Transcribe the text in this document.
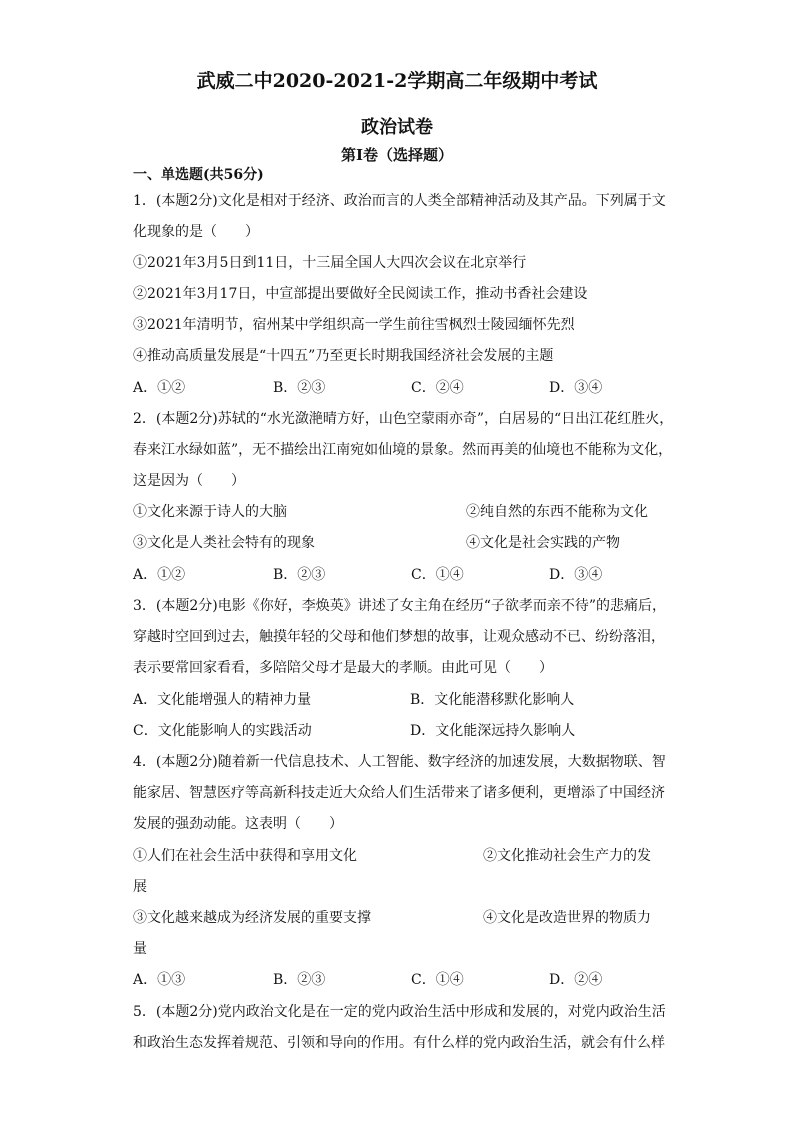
武威二中2020-2021-2学期高二年级期中考试
政治试卷
第Ⅰ卷（选择题）
一、单选题(共56分)
1．(本题2分)文化是相对于经济、政治而言的人类全部精神活动及其产品。下列属于文
化现象的是（　　）
①2021年3月5日到11日，十三届全国人大四次会议在北京举行
②2021年3月17日，中宣部提出要做好全民阅读工作，推动书香社会建设
③2021年清明节，宿州某中学组织高一学生前往雪枫烈士陵园缅怀先烈
④推动高质量发展是“十四五”乃至更长时期我国经济社会发展的主题
A．①②	B．②③	C．②④	D．③④
2．(本题2分)苏轼的“水光潋滟晴方好，山色空蒙雨亦奇”，白居易的“日出江花红胜火，
春来江水绿如蓝”，无不描绘出江南宛如仙境的景象。然而再美的仙境也不能称为文化，
这是因为（　　）
①文化来源于诗人的大脑	②纯自然的东西不能称为文化
③文化是人类社会特有的现象	④文化是社会实践的产物
A．①②	B．②③	C．①④	D．③④
3．(本题2分)电影《你好，李焕英》讲述了女主角在经历“子欲孝而亲不待”的悲痛后，
穿越时空回到过去，触摸年轻的父母和他们梦想的故事，让观众感动不已、纷纷落泪，
表示要常回家看看，多陪陪父母才是最大的孝顺。由此可见（　　）
A．文化能增强人的精神力量	B．文化能潜移默化影响人
C．文化能影响人的实践活动	D．文化能深远持久影响人
4．(本题2分)随着新一代信息技术、人工智能、数字经济的加速发展，大数据物联、智
能家居、智慧医疗等高新科技走近大众给人们生活带来了诸多便利，更增添了中国经济
发展的强劲动能。这表明（　　）
①人们在社会生活中获得和享用文化	②文化推动社会生产力的发
展
③文化越来越成为经济发展的重要支撑	④文化是改造世界的物质力
量
A．①③	B．②③	C．①④	D．②④
5．(本题2分)党内政治文化是在一定的党内政治生活中形成和发展的，对党内政治生活
和政治生态发挥着规范、引领和导向的作用。有什么样的党内政治生活，就会有什么样
